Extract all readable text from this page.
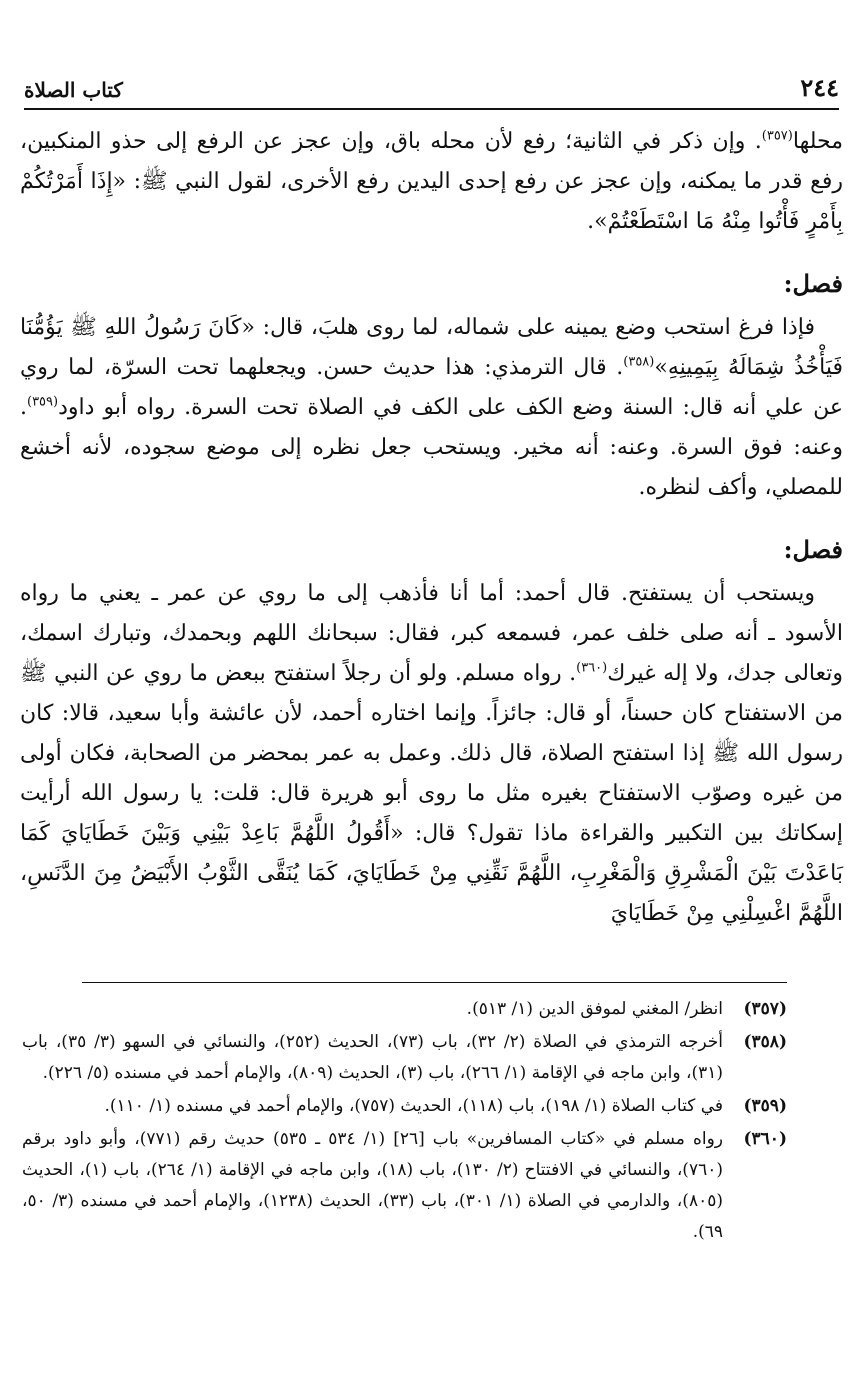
٢٤٤
كتاب الصلاة

محلها$^{(٣٥٧)}$. وإن ذكر في الثانية؛ رفع لأن محله باق، وإن عجز عن الرفع إلى حذو المنكبين، رفع قدر ما يمكنه، وإن عجز عن رفع إحدى اليدين رفع الأخرى، لقول النبي ﷺ: «إِذَا أَمَرْتُكُمْ بِأَمْرٍ فَأْتُوا مِنْهُ مَا اسْتَطَعْتُمْ».

فصل:

فإذا فرغ استحب وضع يمينه على شماله، لما روى هلبَ، قال: «كَانَ رَسُولُ اللهِ ﷺ يَؤُمُّنَا فَيَأْخُذُ شِمَالَهُ بِيَمِينِهِ»$^{(٣٥٨)}$. قال الترمذي: هذا حديث حسن. ويجعلهما تحت السرّة، لما روي عن علي أنه قال: السنة وضع الكف على الكف في الصلاة تحت السرة. رواه أبو داود$^{(٣٥٩)}$. وعنه: فوق السرة. وعنه: أنه مخير. ويستحب جعل نظره إلى موضع سجوده، لأنه أخشع للمصلي، وأكف لنظره.

فصل:

ويستحب أن يستفتح. قال أحمد: أما أنا فأذهب إلى ما روي عن عمر ـ يعني ما رواه الأسود ـ أنه صلى خلف عمر، فسمعه كبر، فقال: سبحانك اللهم وبحمدك، وتبارك اسمك، وتعالى جدك، ولا إله غيرك$^{(٣٦٠)}$. رواه مسلم. ولو أن رجلاً استفتح ببعض ما روي عن النبي ﷺ من الاستفتاح كان حسناً، أو قال: جائزاً. وإنما اختاره أحمد، لأن عائشة وأبا سعيد، قالا: كان رسول الله ﷺ إذا استفتح الصلاة، قال ذلك. وعمل به عمر بمحضر من الصحابة، فكان أولى من غيره وصوّب الاستفتاح بغيره مثل ما روى أبو هريرة قال: قلت: يا رسول الله أرأيت إسكاتك بين التكبير والقراءة ماذا تقول؟ قال: «أَقُولُ اللَّهُمَّ بَاعِدْ بَيْنِي وَبَيْنَ خَطَايَايَ كَمَا بَاعَدْتَ بَيْنَ الْمَشْرِقِ وَالْمَغْرِبِ، اللَّهُمَّ نَقِّنِي مِنْ خَطَايَايَ، كَمَا يُنَقَّى الثَّوْبُ الأَبْيَضُ مِنَ الدَّنَسِ، اللَّهُمَّ اغْسِلْنِي مِنْ خَطَايَايَ

(٣٥٧)
انظر/ المغني لموفق الدين (١/ ٥١٣).
(٣٥٨)
أخرجه الترمذي في الصلاة (٢/ ٣٢)، باب (٧٣)، الحديث (٢٥٢)، والنسائي في السهو (٣/ ٣٥)، باب (٣١)، وابن ماجه في الإقامة (١/ ٢٦٦)، باب (٣)، الحديث (٨٠٩)، والإمام أحمد في مسنده (٥/ ٢٢٦).
(٣٥٩)
في كتاب الصلاة (١/ ١٩٨)، باب (١١٨)، الحديث (٧٥٧)، والإمام أحمد في مسنده (١/ ١١٠).
(٣٦٠)
رواه مسلم في «كتاب المسافرين» باب [٢٦] (١/ ٥٣٤ ـ ٥٣٥) حديث رقم (٧٧١)، وأبو داود برقم (٧٦٠)، والنسائي في الافتتاح (٢/ ١٣٠)، باب (١٨)، وابن ماجه في الإقامة (١/ ٢٦٤)، باب (١)، الحديث (٨٠٥)، والدارمي في الصلاة (١/ ٣٠١)، باب (٣٣)، الحديث (١٢٣٨)، والإمام أحمد في مسنده (٣/ ٥٠، ٦٩).
